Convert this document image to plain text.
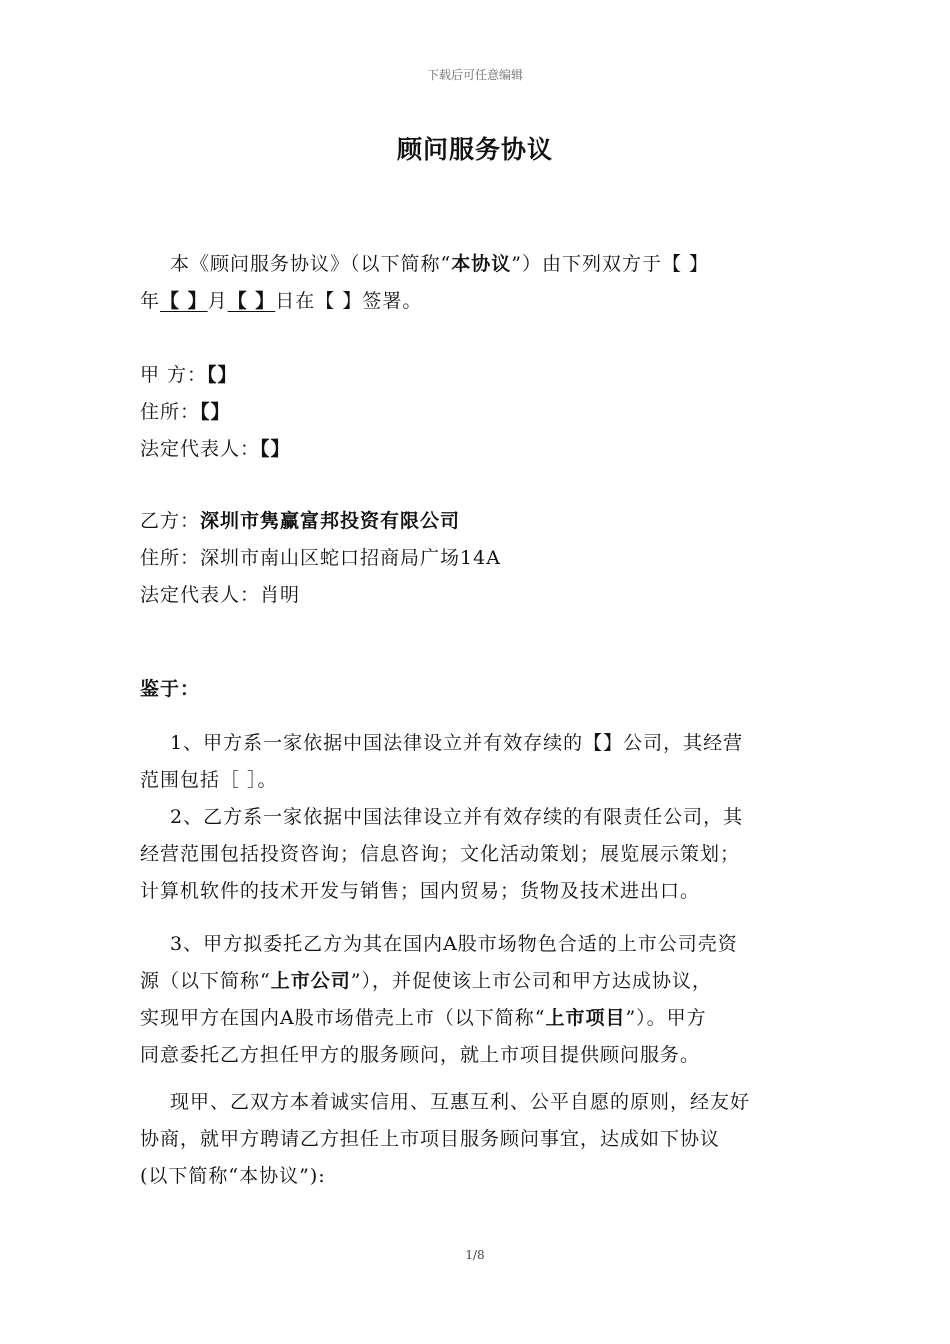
下载后可任意编辑
顾问服务协议
本《顾问服务协议》（以下简称“本协议”）由下列双方于【 】
年【 】月【 】日在【 】签署。
甲 方：【】
住所：【】
法定代表人：【】
乙方：深圳市隽赢富邦投资有限公司
住所：深圳市南山区蛇口招商局广场14A
法定代表人：肖明
鉴于：
1、甲方系一家依据中国法律设立并有效存续的【】公司，其经营
范围包括［ ］。
2、乙方系一家依据中国法律设立并有效存续的有限责任公司，其
经营范围包括投资咨询；信息咨询；文化活动策划；展览展示策划；
计算机软件的技术开发与销售；国内贸易；货物及技术进出口。
3、甲方拟委托乙方为其在国内A股市场物色合适的上市公司壳资
源（以下简称“上市公司”），并促使该上市公司和甲方达成协议，
实现甲方在国内A股市场借壳上市（以下简称“上市项目”）。甲方
同意委托乙方担任甲方的服务顾问，就上市项目提供顾问服务。
现甲、乙双方本着诚实信用、互惠互利、公平自愿的原则，经友好
协商，就甲方聘请乙方担任上市项目服务顾问事宜，达成如下协议
(以下简称“本协议”):
1/8
